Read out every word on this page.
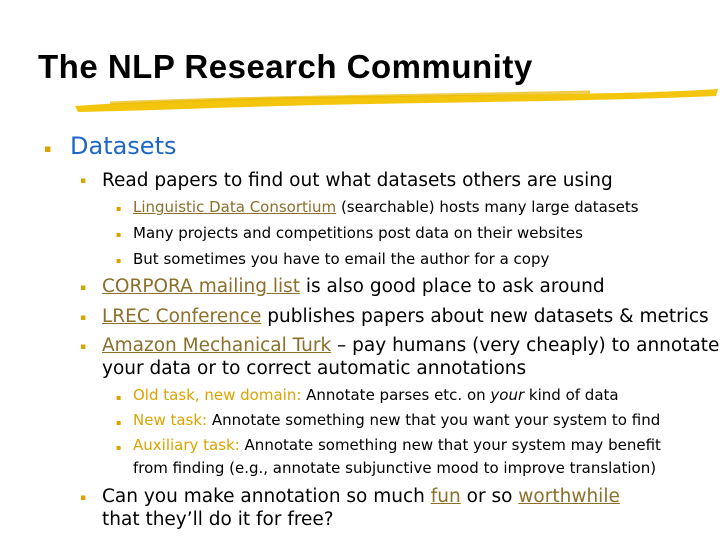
The NLP Research Community
▪ Datasets
▪ Read papers to find out what datasets others are using
▪ Linguistic Data Consortium (searchable) hosts many large datasets
▪ Many projects and competitions post data on their websites
▪ But sometimes you have to email the author for a copy
▪ CORPORA mailing list is also good place to ask around
▪ LREC Conference publishes papers about new datasets & metrics
▪ Amazon Mechanical Turk – pay humans (very cheaply) to annotate
your data or to correct automatic annotations
▪ Old task, new domain: Annotate parses etc. on your kind of data
▪ New task: Annotate something new that you want your system to find
▪ Auxiliary task: Annotate something new that your system may benefit
from finding (e.g., annotate subjunctive mood to improve translation)
▪ Can you make annotation so much fun or so worthwhile
that they’ll do it for free?
